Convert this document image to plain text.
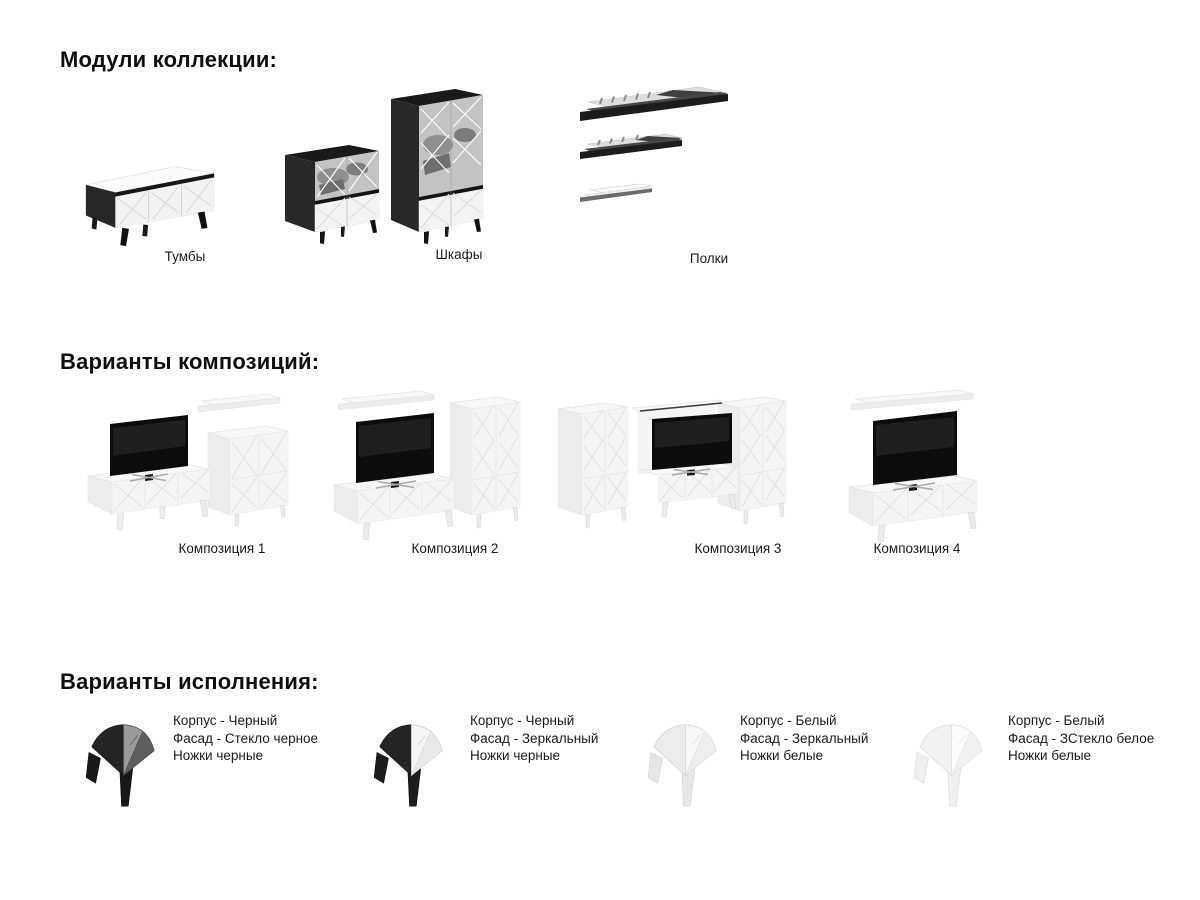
Модули коллекции:
Тумбы	Шкафы	Полки
Варианты композиций:
Композиция 1	Композиция 2	Композиция 3	Композиция 4
Варианты исполнения:
Корпус - Черный
Фасад - Стекло черное
Ножки черные
Корпус - Черный
Фасад - Зеркальный
Ножки черные
Корпус - Белый
Фасад - Зеркальный
Ножки белые
Корпус - Белый
Фасад - ЗСтекло белое
Ножки белые
